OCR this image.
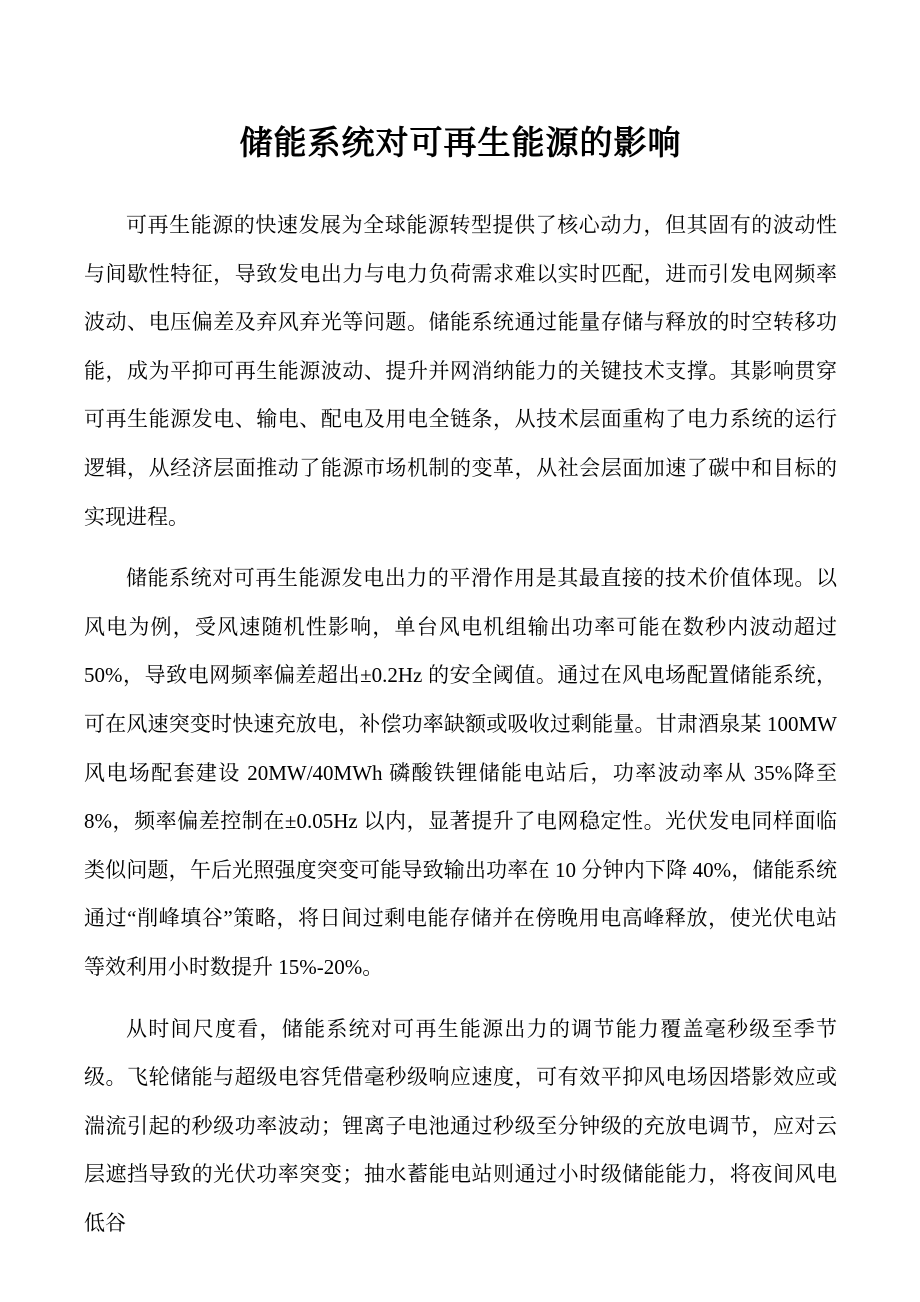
储能系统对可再生能源的影响

可再生能源的快速发展为全球能源转型提供了核心动力，但其固有的波动性与间歇性特征，导致发电出力与电力负荷需求难以实时匹配，进而引发电网频率波动、电压偏差及弃风弃光等问题。储能系统通过能量存储与释放的时空转移功能，成为平抑可再生能源波动、提升并网消纳能力的关键技术支撑。其影响贯穿可再生能源发电、输电、配电及用电全链条，从技术层面重构了电力系统的运行逻辑，从经济层面推动了能源市场机制的变革，从社会层面加速了碳中和目标的实现进程。

储能系统对可再生能源发电出力的平滑作用是其最直接的技术价值体现。以风电为例，受风速随机性影响，单台风电机组输出功率可能在数秒内波动超过 50%，导致电网频率偏差超出±0.2Hz 的安全阈值。通过在风电场配置储能系统，可在风速突变时快速充放电，补偿功率缺额或吸收过剩能量。甘肃酒泉某 100MW 风电场配套建设 20MW/40MWh 磷酸铁锂储能电站后，功率波动率从 35%降至 8%，频率偏差控制在±0.05Hz 以内，显著提升了电网稳定性。光伏发电同样面临类似问题，午后光照强度突变可能导致输出功率在 10 分钟内下降 40%，储能系统通过“削峰填谷”策略，将日间过剩电能存储并在傍晚用电高峰释放，使光伏电站等效利用小时数提升 15%-20%。

从时间尺度看，储能系统对可再生能源出力的调节能力覆盖毫秒级至季节级。飞轮储能与超级电容凭借毫秒级响应速度，可有效平抑风电场因塔影效应或湍流引起的秒级功率波动；锂离子电池通过秒级至分钟级的充放电调节，应对云层遮挡导致的光伏功率突变；抽水蓄能电站则通过小时级储能能力，将夜间风电低谷
